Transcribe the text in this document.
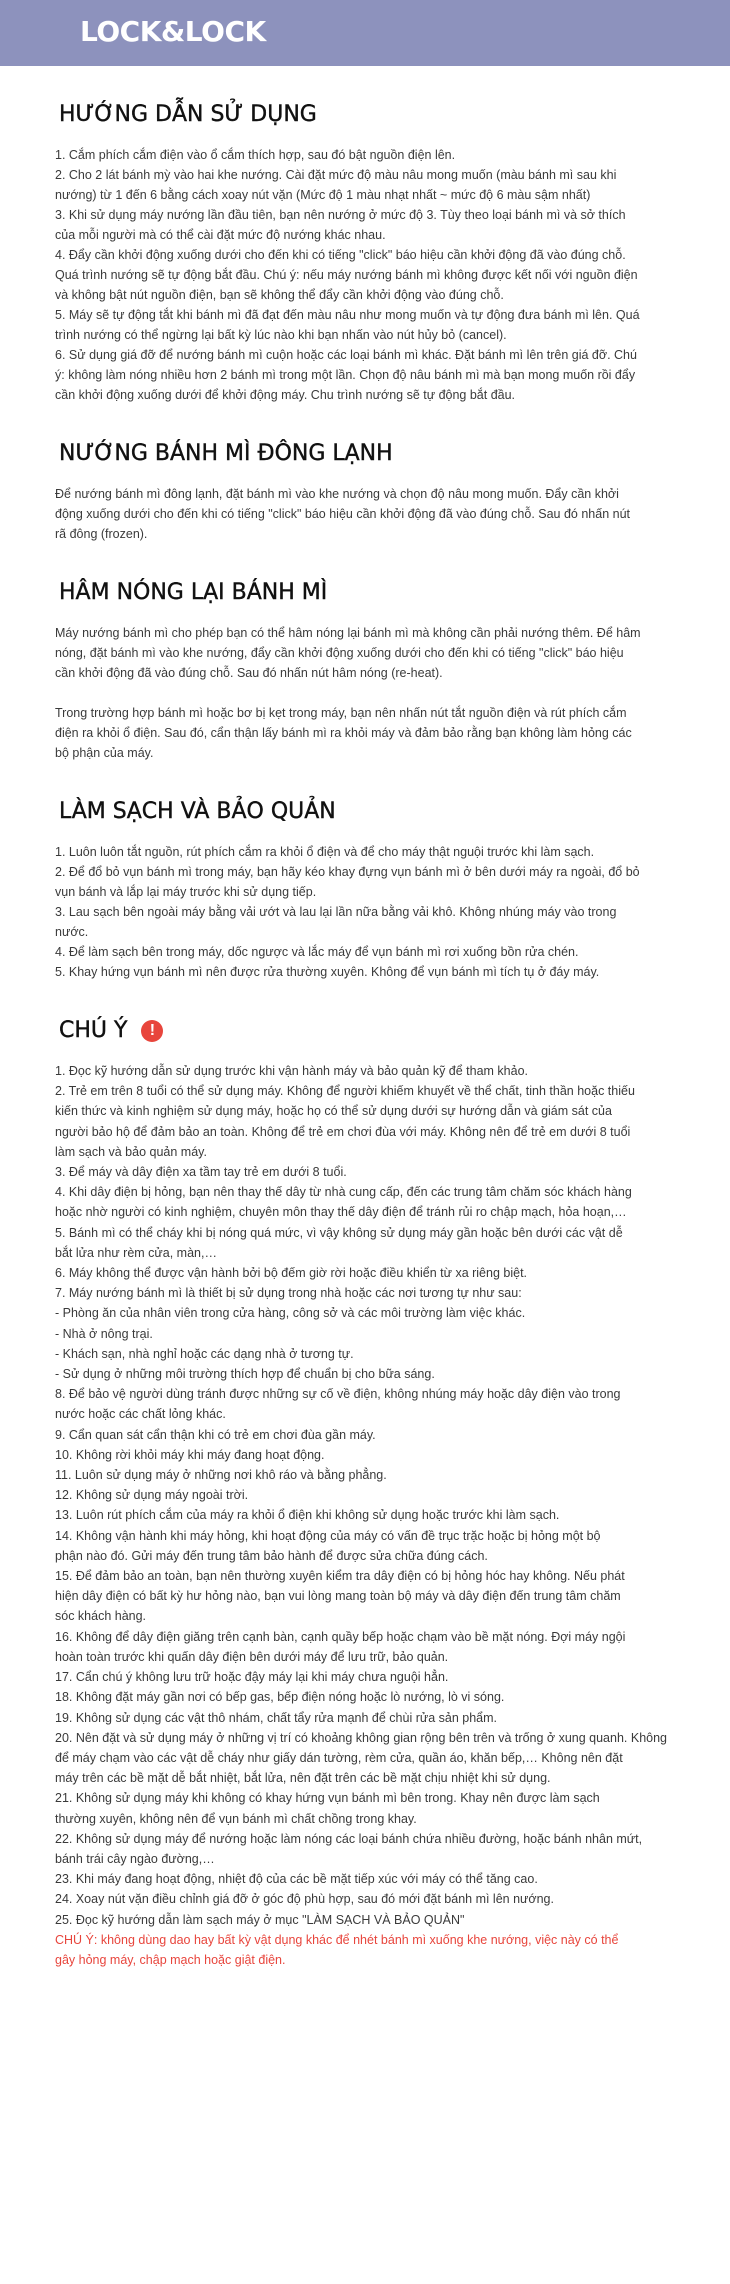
LOCK&LOCK
HƯỚNG DẪN SỬ DỤNG

1. Cắm phích cắm điện vào ổ cắm thích hợp, sau đó bật nguồn điện lên.

2. Cho 2 lát bánh mỳ vào hai khe nướng. Cài đặt mức độ màu nâu mong muốn (màu bánh mì sau khi

nướng) từ 1 đến 6 bằng cách xoay nút vặn (Mức độ 1 màu nhạt nhất ~ mức độ 6 màu sậm nhất)

3. Khi sử dụng máy nướng lần đầu tiên, bạn nên nướng ở mức độ 3. Tùy theo loại bánh mì và sở thích

của mỗi người mà có thể cài đặt mức độ nướng khác nhau.

4. Đẩy cần khởi động xuống dưới cho đến khi có tiếng "click" báo hiệu cần khởi động đã vào đúng chỗ.

Quá trình nướng sẽ tự động bắt đầu. Chú ý: nếu máy nướng bánh mì không được kết nối với nguồn điện

và không bật nút nguồn điện, bạn sẽ không thể đẩy cần khởi động vào đúng chỗ.

5. Máy sẽ tự động tắt khi bánh mì đã đạt đến màu nâu như mong muốn và tự động đưa bánh mì lên. Quá

trình nướng có thể ngừng lại bất kỳ lúc nào khi bạn nhấn vào nút hủy bỏ (cancel).

6. Sử dụng giá đỡ để nướng bánh mì cuộn hoặc các loại bánh mì khác. Đặt bánh mì lên trên giá đỡ. Chú

ý: không làm nóng nhiều hơn 2 bánh mì trong một lần. Chọn độ nâu bánh mì mà bạn mong muốn rồi đẩy

cần khởi động xuống dưới để khởi động máy. Chu trình nướng sẽ tự động bắt đầu.

NƯỚNG BÁNH MÌ ĐÔNG LẠNH

Để nướng bánh mì đông lạnh, đặt bánh mì vào khe nướng và chọn độ nâu mong muốn. Đẩy cần khởi

động xuống dưới cho đến khi có tiếng "click" báo hiệu cần khởi động đã vào đúng chỗ. Sau đó nhấn nút

rã đông (frozen).

HÂM NÓNG LẠI BÁNH MÌ

Máy nướng bánh mì cho phép bạn có thể hâm nóng lại bánh mì mà không cần phải nướng thêm. Để hâm

nóng, đặt bánh mì vào khe nướng, đẩy cần khởi động xuống dưới cho đến khi có tiếng "click" báo hiệu

cần khởi động đã vào đúng chỗ. Sau đó nhấn nút hâm nóng (re-heat).

Trong trường hợp bánh mì hoặc bơ bị kẹt trong máy, bạn nên nhấn nút tắt nguồn điện và rút phích cắm

điện ra khỏi ổ điện. Sau đó, cẩn thận lấy bánh mì ra khỏi máy và đảm bảo rằng bạn không làm hỏng các

bộ phận của máy.

LÀM SẠCH VÀ BẢO QUẢN

1. Luôn luôn tắt nguồn, rút phích cắm ra khỏi ổ điện và để cho máy thật nguội trước khi làm sạch.

2. Để đổ bỏ vụn bánh mì trong máy, bạn hãy kéo khay đựng vụn bánh mì ở bên dưới máy ra ngoài, đổ bỏ

vụn bánh và lắp lại máy trước khi sử dụng tiếp.

3. Lau sạch bên ngoài máy bằng vải ướt và lau lại lần nữa bằng vải khô. Không nhúng máy vào trong

nước.

4. Để làm sạch bên trong máy, dốc ngược và lắc máy để vụn bánh mì rơi xuống bồn rửa chén.

5. Khay hứng vụn bánh mì nên được rửa thường xuyên. Không để vụn bánh mì tích tụ ở đáy máy.

CHÚ Ý	!

1. Đọc kỹ hướng dẫn sử dụng trước khi vận hành máy và bảo quản kỹ để tham khảo.

2. Trẻ em trên 8 tuổi có thể sử dụng máy. Không để người khiếm khuyết về thể chất, tinh thần hoặc thiếu

kiến thức và kinh nghiệm sử dụng máy, hoặc họ có thể sử dụng dưới sự hướng dẫn và giám sát của

người bảo hộ để đảm bảo an toàn. Không để trẻ em chơi đùa với máy. Không nên để trẻ em dưới 8 tuổi

làm sạch và bảo quản máy.

3. Để máy và dây điện xa tầm tay trẻ em dưới 8 tuổi.

4. Khi dây điện bị hỏng, bạn nên thay thế dây từ nhà cung cấp, đến các trung tâm chăm sóc khách hàng

hoặc nhờ người có kinh nghiệm, chuyên môn thay thế dây điện để tránh rủi ro chập mạch, hỏa hoạn,…

5. Bánh mì có thể cháy khi bị nóng quá mức, vì vậy không sử dụng máy gần hoặc bên dưới các vật dễ

bắt lửa như rèm cửa, màn,…

6. Máy không thể được vận hành bởi bộ đếm giờ rời hoặc điều khiển từ xa riêng biệt.

7. Máy nướng bánh mì là thiết bị sử dụng trong nhà hoặc các nơi tương tự như sau:

- Phòng ăn của nhân viên trong cửa hàng, công sở và các môi trường làm việc khác.

- Nhà ở nông trại.

- Khách sạn, nhà nghỉ hoặc các dạng nhà ở tương tự.

- Sử dụng ở những môi trường thích hợp để chuẩn bị cho bữa sáng.

8. Để bảo vệ người dùng tránh được những sự cố về điện, không nhúng máy hoặc dây điện vào trong

nước hoặc các chất lỏng khác.

9. Cẩn quan sát cẩn thận khi có trẻ em chơi đùa gần máy.

10. Không rời khỏi máy khi máy đang hoạt động.

11. Luôn sử dụng máy ở những nơi khô ráo và bằng phẳng.

12. Không sử dụng máy ngoài trời.

13. Luôn rút phích cắm của máy ra khỏi ổ điện khi không sử dụng hoặc trước khi làm sạch.

14. Không vận hành khi máy hỏng, khi hoạt động của máy có vấn đề trục trặc hoặc bị hỏng một bộ

phận nào đó. Gửi máy đến trung tâm bảo hành để được sửa chữa đúng cách.

15. Để đảm bảo an toàn, bạn nên thường xuyên kiểm tra dây điện có bị hỏng hóc hay không. Nếu phát

hiện dây điện có bất kỳ hư hỏng nào, bạn vui lòng mang toàn bộ máy và dây điện đến trung tâm chăm

sóc khách hàng.

16. Không để dây điện giăng trên cạnh bàn, cạnh quầy bếp hoặc chạm vào bề mặt nóng. Đợi máy ngội

hoàn toàn trước khi quấn dây điện bên dưới máy để lưu trữ, bảo quản.

17. Cẩn chú ý không lưu trữ hoặc đậy máy lại khi máy chưa nguội hẳn.

18. Không đặt máy gần nơi có bếp gas, bếp điện nóng hoặc lò nướng, lò vi sóng.

19. Không sử dụng các vật thô nhám, chất tẩy rửa mạnh để chùi rửa sản phẩm.

20. Nên đặt và sử dụng máy ở những vị trí có khoảng không gian rộng bên trên và trống ở xung quanh. Không

để máy chạm vào các vật dễ cháy như giấy dán tường, rèm cửa, quần áo, khăn bếp,… Không nên đặt

máy trên các bề mặt dễ bắt nhiệt, bắt lửa, nên đặt trên các bề mặt chịu nhiệt khi sử dụng.

21. Không sử dụng máy khi không có khay hứng vụn bánh mì bên trong. Khay nên được làm sạch

thường xuyên, không nên để vụn bánh mì chất chồng trong khay.

22. Không sử dụng máy để nướng hoặc làm nóng các loại bánh chứa nhiều đường, hoặc bánh nhân mứt,

bánh trái cây ngào đường,…

23. Khi máy đang hoạt động, nhiệt độ của các bề mặt tiếp xúc với máy có thể tăng cao.

24. Xoay nút vặn điều chỉnh giá đỡ ở góc độ phù hợp, sau đó mới đặt bánh mì lên nướng.

25. Đọc kỹ hướng dẫn làm sạch máy ở mục "LÀM SẠCH VÀ BẢO QUẢN"

CHÚ Ý: không dùng dao hay bất kỳ vật dụng khác để nhét bánh mì xuống khe nướng, việc này có thể

gây hỏng máy, chập mạch hoặc giật điện.
